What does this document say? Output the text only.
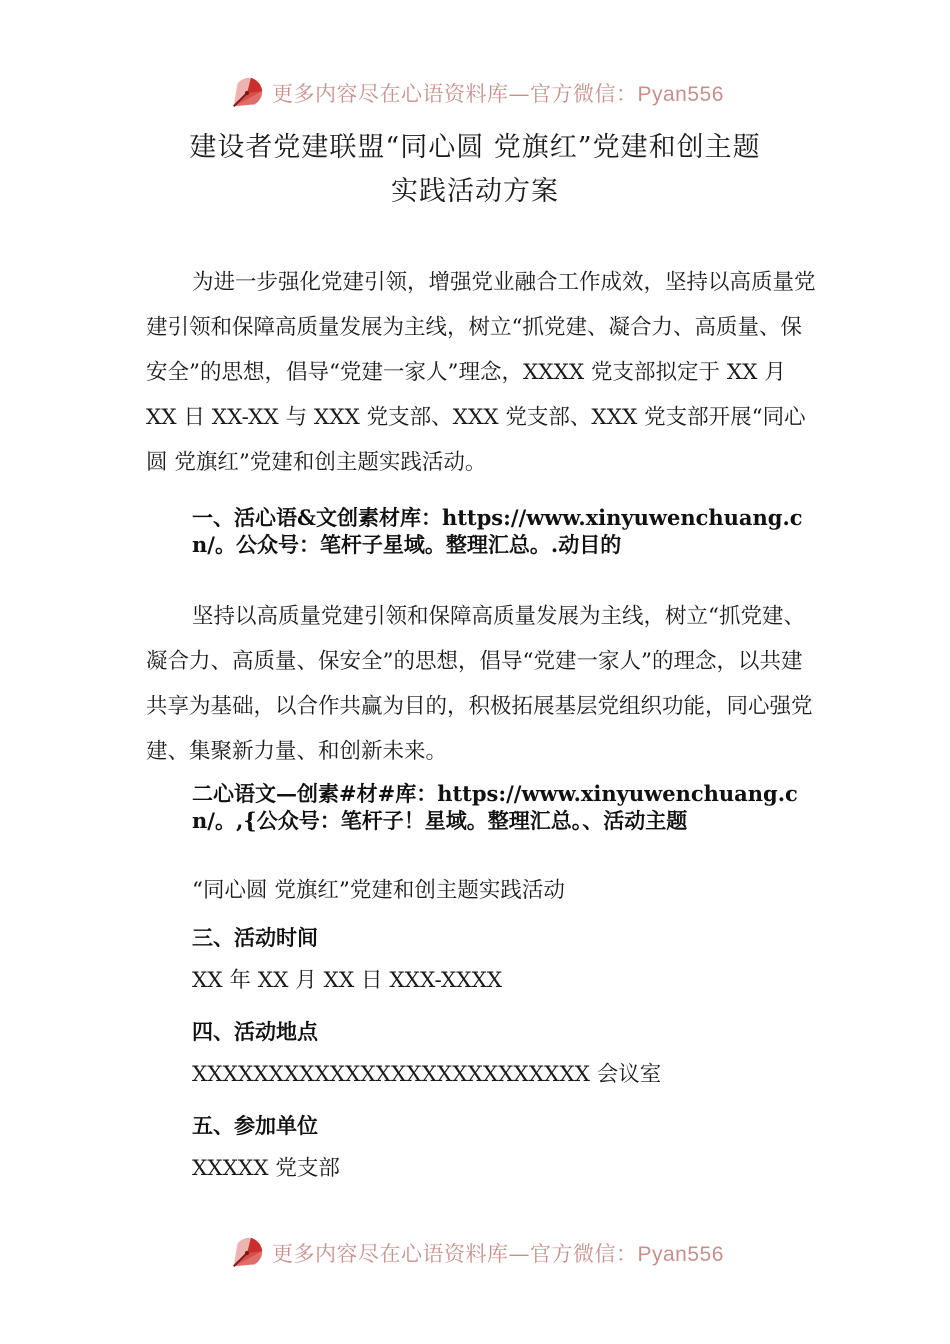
更多内容尽在心语资料库—官方微信：Pyan556
建设者党建联盟“同心圆 党旗红”党建和创主题
实践活动方案

为进一步强化党建引领，增强党业融合工作成效，坚持以高质量党建引领和保障高质量发展为主线，树立“抓党建、凝合力、高质量、保安全”的思想，倡导“党建一家人”理念，XXXX 党支部拟定于 XX 月 XX 日 XX-XX 与 XXX 党支部、XXX 党支部、XXX 党支部开展“同心圆 党旗红”党建和创主题实践活动。

一、活心语&文创素材库：https://www.xinyuwenchuang.cn/。公众号：笔杆子星域。整理汇总。.动目的

坚持以高质量党建引领和保障高质量发展为主线，树立“抓党建、凝合力、高质量、保安全”的思想，倡导“党建一家人”的理念，以共建共享为基础，以合作共赢为目的，积极拓展基层党组织功能，同心强党建、集聚新力量、和创新未来。

二心语文—创素#材#库：https://www.xinyuwenchuang.cn/。,{公众号：笔杆子！星域。整理汇总。、活动主题

“同心圆 党旗红”党建和创主题实践活动

三、活动时间

XX 年 XX 月 XX 日 XXX-XXXX

四、活动地点

XXXXXXXXXXXXXXXXXXXXXXXXXX 会议室

五、参加单位

XXXXX 党支部

更多内容尽在心语资料库—官方微信：Pyan556
